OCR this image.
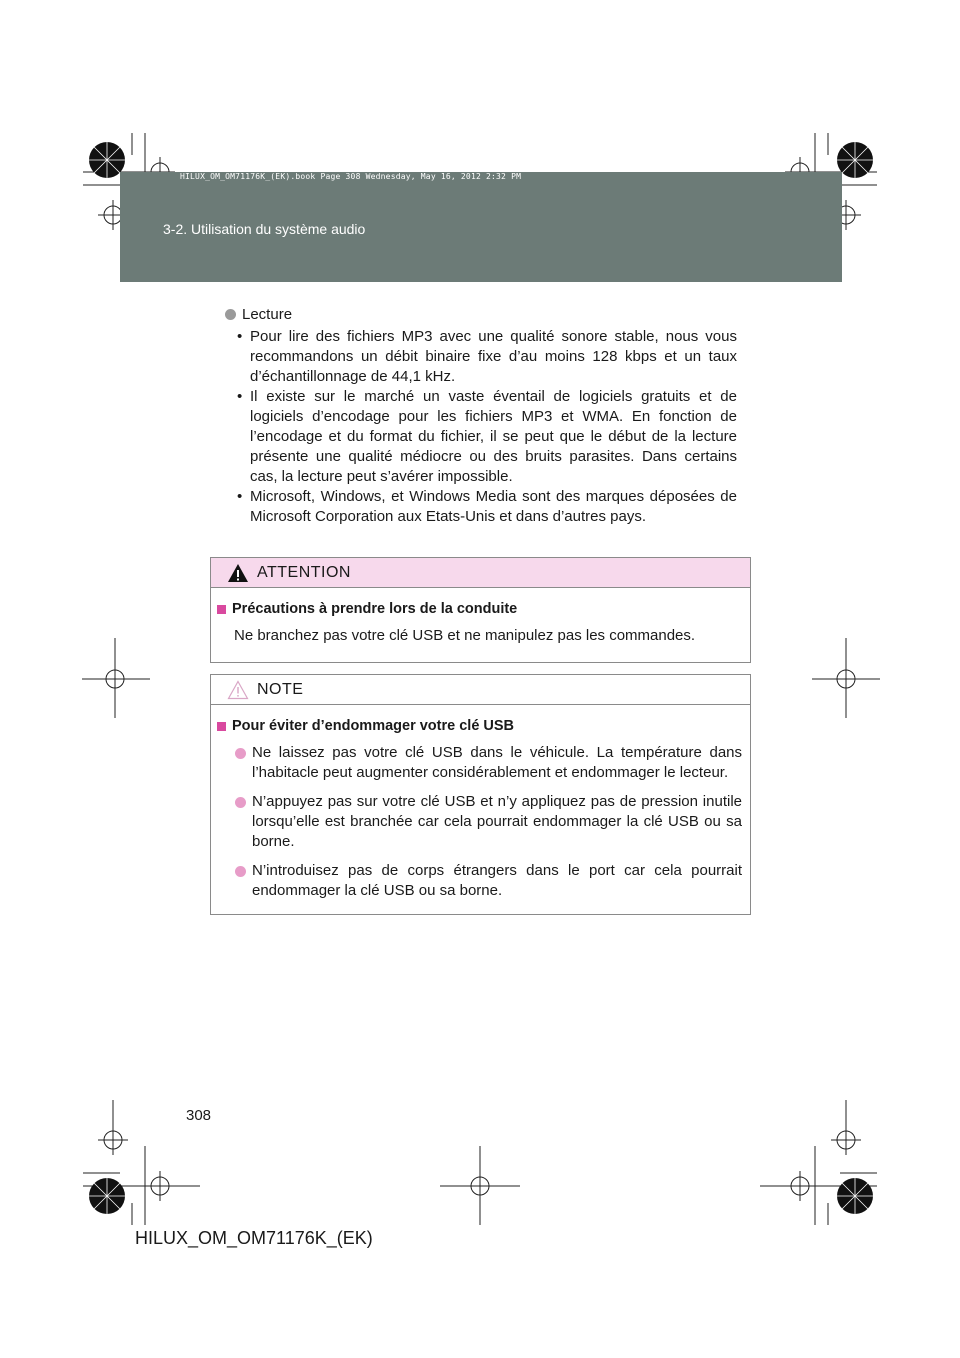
HILUX_OM_OM71176K_(EK).book Page 308 Wednesday, May 16, 2012 2:32 PM
3-2. Utilisation du système audio
Lecture
• Pour lire des fichiers MP3 avec une qualité sonore stable, nous vous recommandons un débit binaire fixe d’au moins 128 kbps et un taux d’échantillonnage de 44,1 kHz.
• Il existe sur le marché un vaste éventail de logiciels gratuits et de logiciels d’encodage pour les fichiers MP3 et WMA. En fonction de l’encodage et du format du fichier, il se peut que le début de la lecture présente une qualité médiocre ou des bruits parasites. Dans certains cas, la lecture peut s’avérer impossible.
• Microsoft, Windows, et Windows Media sont des marques déposées de Microsoft Corporation aux Etats-Unis et dans d’autres pays.
ATTENTION
Précautions à prendre lors de la conduite
Ne branchez pas votre clé USB et ne manipulez pas les commandes.
NOTE
Pour éviter d’endommager votre clé USB
Ne laissez pas votre clé USB dans le véhicule. La température dans l’habitacle peut augmenter considérablement et endommager le lecteur.
N’appuyez pas sur votre clé USB et n’y appliquez pas de pression inutile lorsqu’elle est branchée car cela pourrait endommager la clé USB ou sa borne.
N’introduisez pas de corps étrangers dans le port car cela pourrait endommager la clé USB ou sa borne.
308
HILUX_OM_OM71176K_(EK)
